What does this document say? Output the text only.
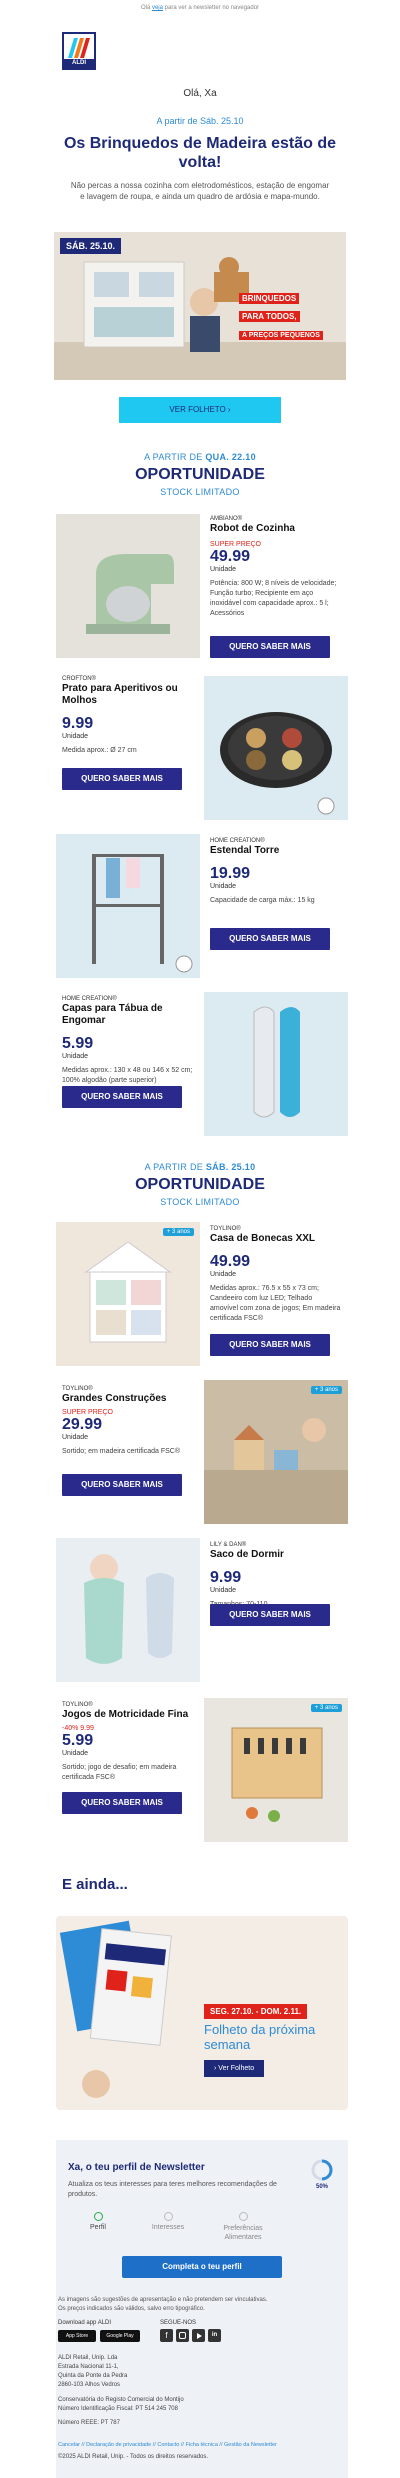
Olá veja para ver a newsletter no navegador
ALDI
Olá, Xa
A partir de Sáb. 25.10
Os Brinquedos de Madeira estão de volta!
Não percas a nossa cozinha com eletrodomésticos, estação de engomar e lavagem de roupa, e ainda um quadro de ardósia e mapa-mundo.
SÁB. 25.10.
BRINQUEDOS
PARA TODOS,
A PREÇOS PEQUENOS
VER FOLHETO ›
A PARTIR DE QUA. 22.10
OPORTUNIDADE
STOCK LIMITADO
AMBIANO®
Robot de Cozinha
SUPER PREÇO
49.99
Unidade
Potência: 800 W; 8 níveis de velocidade; Função turbo; Recipiente em aço inoxidável com capacidade aprox.: 5 l; Acessórios
QUERO SABER MAIS
CROFTON®
Prato para Aperitivos ou Molhos
9.99
Unidade
Medida aprox.: Ø 27 cm
QUERO SABER MAIS
HOME CREATION®
Estendal Torre
19.99
Unidade
Capacidade de carga máx.: 15 kg
QUERO SABER MAIS
HOME CREATION®
Capas para Tábua de Engomar
5.99
Unidade
Medidas aprox.: 130 x 48 ou 146 x 52 cm; 100% algodão (parte superior)
QUERO SABER MAIS
A PARTIR DE SÁB. 25.10
OPORTUNIDADE
STOCK LIMITADO
+ 3 anos	TOYLINO®
Casa de Bonecas XXL
49.99
Unidade
Medidas aprox.: 76.5 x 55 x 73 cm; Candeeiro com luz LED; Telhado amovível com zona de jogos; Em madeira certificada FSC®
QUERO SABER MAIS
TOYLINO®
Grandes Construções
SUPER PREÇO
29.99
Unidade
Sortido; em madeira certificada FSC®
QUERO SABER MAIS
+ 3 anos
LILY & DAN®
Saco de Dormir
9.99
Unidade
QUERO SABER MAIS
TOYLINO®
Jogos de Motricidade Fina
-40% 9.99
5.99
Unidade
Sortido; jogo de desafio; em madeira certificada FSC®
QUERO SABER MAIS
+ 3 anos
E ainda...
SEG. 27.10. - DOM. 2.11.
Folheto da próxima semana
› Ver Folheto
Xa, o teu perfil de Newsletter
50%
Atualiza os teus interesses para teres melhores recomendações de produtos.
Perfil	Interesses	Preferências Alimentares
Completa o teu perfil
As imagens são sugestões de apresentação e não pretendem ser vinculativas.
Os preços indicados são válidos, salvo erro tipográfico.
Download app ALDI	SEGUE-NOS
App Store	Google Play	f	in
ALDI Retail, Unip. Lda
Estrada Nacional 11-1,
Quinta da Ponte da Pedra
2860-103 Alhos Vedros
Conservatória do Registo Comercial do Montijo
Número Identificação Fiscal: PT 514 245 708
Número REEE: PT 787
Cancelar // Declaração de privacidade // Contacto // Ficha técnica // Gestão da Newsletter
©2025 ALDI Retail, Unip. - Todos os direitos reservados.
